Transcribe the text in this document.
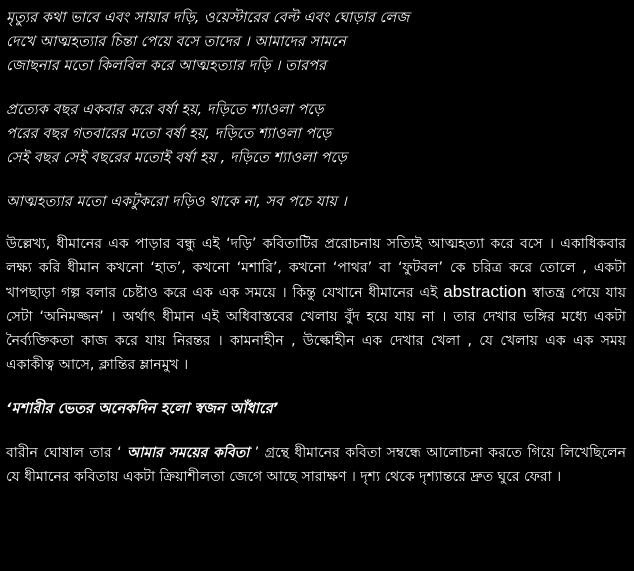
মৃত্যুর কথা ভাবে এবং সায়ার দড়ি, ওয়েস্টারের বেল্ট এবং ঘোড়ার লেজ
দেখে আত্মহত্যার চিন্তা পেয়ে বসে তাদের । আমাদের সামনে
জোছনার মতো কিলবিল করে আত্মহত্যার দড়ি । তারপর
প্রত্যেক বছর একবার করে বর্ষা হয়, দড়িতে শ্যাওলা পড়ে
পরের বছর গতবারের মতো বর্ষা হয়, দড়িতে শ্যাওলা পড়ে
সেই বছর সেই বছরের মতোই বর্ষা হয় , দড়িতে শ্যাওলা পড়ে
আত্মহত্যার মতো একটুকরো দড়িও থাকে না, সব পচে যায় ।

উল্লেখ্য, ধীমানের এক পাড়ার বন্ধু এই ‘দড়ি’ কবিতাটির প্ররোচনায় সত্যিই আত্মহত্যা করে বসে । একাধিকবার লক্ষ্য করি ধীমান কখনো ‘হাত’, কখনো ‘মশারি’, কখনো ‘পাথর’ বা ‘ফুটবল’ কে চরিত্র করে তোলে , একটা খাপছাড়া গল্প বলার চেষ্টাও করে এক এক সময়ে । কিন্তু যেখানে ধীমানের এই abstraction স্বাতন্ত্র পেয়ে যায় সেটা ‘অনিমজ্জন’ । অর্থাৎ ধীমান এই অধিবাস্তবের খেলায় বুঁদ হয়ে যায় না । তার দেখার ভঙ্গির মধ্যে একটা নৈর্ব্যক্তিকতা কাজ করে যায় নিরন্তর । কামনাহীন , উল্কোহীন এক দেখার খেলা , যে খেলায় এক এক সময় একাকীত্ব আসে, ক্লান্তির ম্লানমুখ ।

‘মশারীর ভেতর অনেকদিন হলো স্বজন আঁধারে’

বারীন ঘোষাল তার ‘ আমার সময়ের কবিতা ’ গ্রন্থে ধীমানের কবিতা সম্বন্ধে আলোচনা করতে গিয়ে লিখেছিলেন যে ধীমানের কবিতায় একটা ক্রিয়াশীলতা জেগে আছে সারাক্ষণ । দৃশ্য থেকে দৃশ্যান্তরে দ্রুত ঘুরে ফেরা ।
